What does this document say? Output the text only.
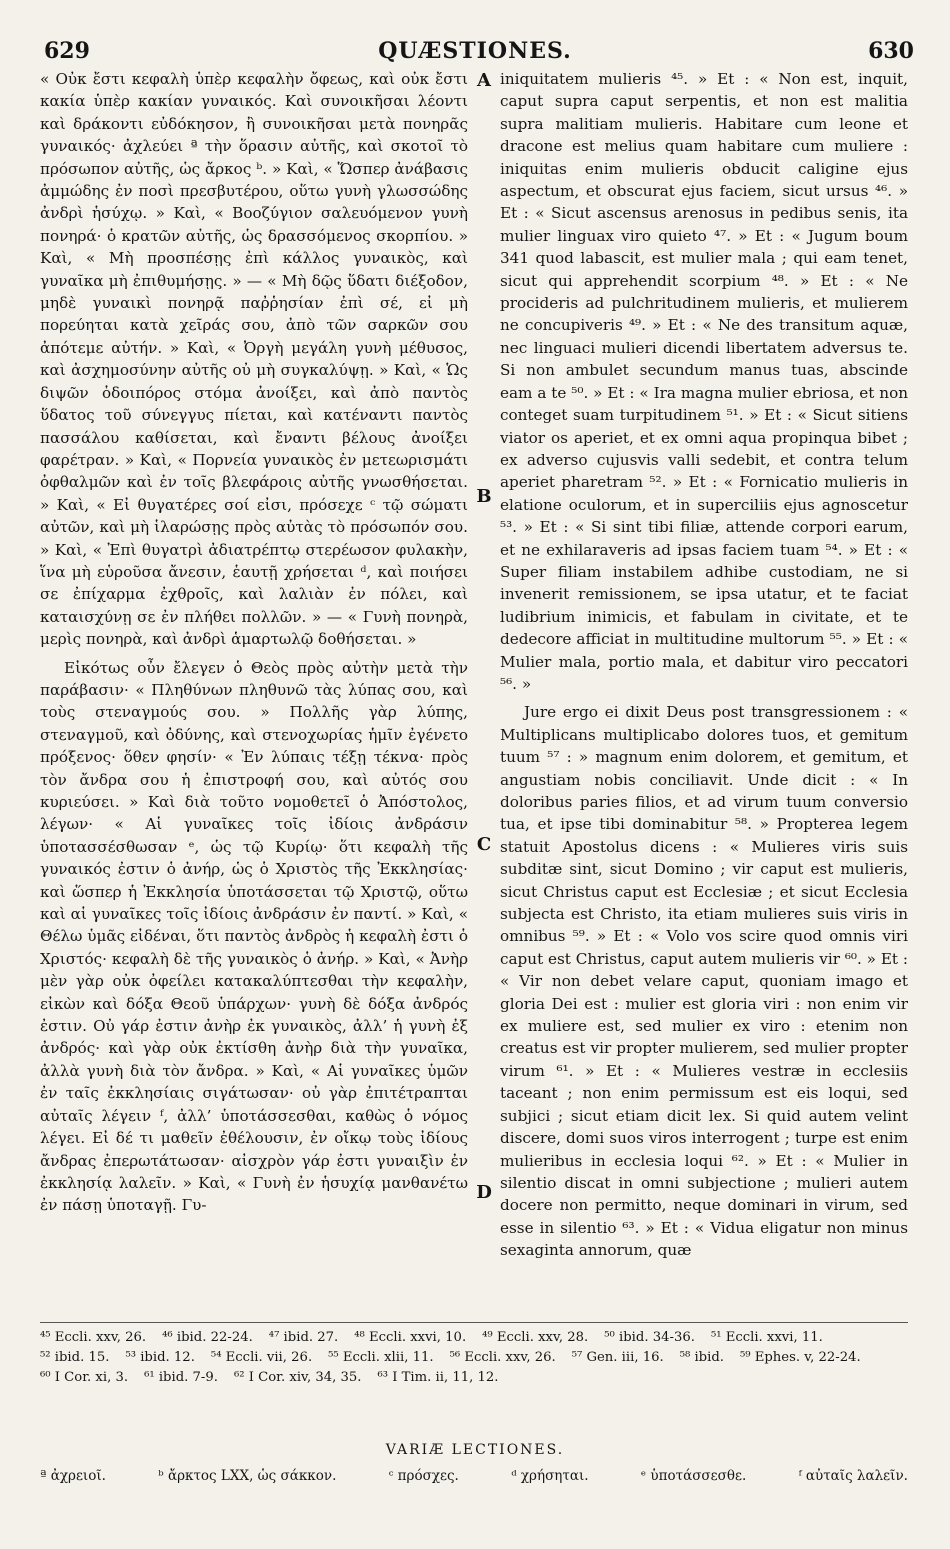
629	QUÆSTIONES.	630

« Οὐκ ἔστι κεφαλὴ ὑπὲρ κεφαλὴν ὄφεως, καὶ οὐκ ἔστι κακία ὑπὲρ κακίαν γυναικός. Καὶ συνοικῆσαι λέοντι καὶ δράκοντι εὐδόκησον, ἢ συνοικῆσαι μετὰ πονηρᾶς γυναικός· ἀχλεύει ª τὴν ὅρασιν αὐτῆς, καὶ σκοτοῖ τὸ πρόσωπον αὐτῆς, ὡς ἄρκος ᵇ. » Καὶ, « Ὥσπερ ἀνάβασις ἀμμώδης ἐν ποσὶ πρεσβυτέρου, οὕτω γυνὴ γλωσσώδης ἀνδρὶ ἡσύχῳ. » Καὶ, « Βοοζύγιον σαλευόμενον γυνὴ πονηρά· ὁ κρατῶν αὐτῆς, ὡς δρασσόμενος σκορπίου. » Καὶ, « Μὴ προσπέσῃς ἐπὶ κάλλος γυναικὸς, καὶ γυναῖκα μὴ ἐπιθυμήσῃς. » — « Μὴ δῷς ὕδατι διέξοδον, μηδὲ γυναικὶ πονηρᾷ παῤῥησίαν ἐπὶ σέ, εἰ μὴ πορεύηται κατὰ χεῖράς σου, ἀπὸ τῶν σαρκῶν σου ἀπότεμε αὐτήν. » Καὶ, « Ὀργὴ μεγάλη γυνὴ μέθυσος, καὶ ἀσχημοσύνην αὐτῆς οὐ μὴ συγκαλύψῃ. » Καὶ, « Ὡς διψῶν ὁδοιπόρος στόμα ἀνοίξει, καὶ ἀπὸ παντὸς ὕδατος τοῦ σύνεγγυς πίεται, καὶ κατέναντι παντὸς πασσάλου καθίσεται, καὶ ἔναντι βέλους ἀνοίξει φαρέτραν. » Καὶ, « Πορνεία γυναικὸς ἐν μετεωρισμάτι ὀφθαλμῶν καὶ ἐν τοῖς βλεφάροις αὐτῆς γνωσθήσεται. » Καὶ, « Εἰ θυγατέρες σοί εἰσι, πρόσεχε ᶜ τῷ σώματι αὐτῶν, καὶ μὴ ἱλαρώσῃς πρὸς αὐτὰς τὸ πρόσωπόν σου. » Καὶ, « Ἐπὶ θυγατρὶ ἀδιατρέπτῳ στερέωσον φυλακὴν, ἵνα μὴ εὑροῦσα ἄνεσιν, ἑαυτῇ χρήσεται ᵈ, καὶ ποιήσει σε ἐπίχαρμα ἐχθροῖς, καὶ λαλιὰν ἐν πόλει, καὶ καταισχύνῃ σε ἐν πλήθει πολλῶν. » — « Γυνὴ πονηρὰ, μερὶς πονηρὰ, καὶ ἀνδρὶ ἁμαρτωλῷ δοθήσεται. »

Εἰκότως οὖν ἔλεγεν ὁ Θεὸς πρὸς αὐτὴν μετὰ τὴν παράβασιν· « Πληθύνων πληθυνῶ τὰς λύπας σου, καὶ τοὺς στεναγμούς σου. » Πολλῆς γὰρ λύπης, στεναγμοῦ, καὶ ὀδύνης, καὶ στενοχωρίας ἡμῖν ἐγένετο πρόξενος· ὅθεν φησίν· « Ἐν λύπαις τέξῃ τέκνα· πρὸς τὸν ἄνδρα σου ἡ ἐπιστροφή σου, καὶ αὐτός σου κυριεύσει. » Καὶ διὰ τοῦτο νομοθετεῖ ὁ Ἀπόστολος, λέγων· « Αἱ γυναῖκες τοῖς ἰδίοις ἀνδράσιν ὑποτασσέσθωσαν ᵉ, ὡς τῷ Κυρίῳ· ὅτι κεφαλὴ τῆς γυναικός ἐστιν ὁ ἀνήρ, ὡς ὁ Χριστὸς τῆς Ἐκκλησίας· καὶ ὥσπερ ἡ Ἐκκλησία ὑποτάσσεται τῷ Χριστῷ, οὕτω καὶ αἱ γυναῖκες τοῖς ἰδίοις ἀνδράσιν ἐν παντί. » Καὶ, « Θέλω ὑμᾶς εἰδέναι, ὅτι παντὸς ἀνδρὸς ἡ κεφαλὴ ἐστι ὁ Χριστός· κεφαλὴ δὲ τῆς γυναικὸς ὁ ἀνήρ. » Καὶ, « Ἀνὴρ μὲν γὰρ οὐκ ὀφείλει κατακαλύπτεσθαι τὴν κεφαλὴν, εἰκὼν καὶ δόξα Θεοῦ ὑπάρχων· γυνὴ δὲ δόξα ἀνδρός ἐστιν. Οὐ γάρ ἐστιν ἀνὴρ ἐκ γυναικὸς, ἀλλ’ ἡ γυνὴ ἐξ ἀνδρός· καὶ γὰρ οὐκ ἐκτίσθη ἀνὴρ διὰ τὴν γυναῖκα, ἀλλὰ γυνὴ διὰ τὸν ἄνδρα. » Καὶ, « Αἱ γυναῖκες ὑμῶν ἐν ταῖς ἐκκλησίαις σιγάτωσαν· οὐ γὰρ ἐπιτέτραπται αὐταῖς λέγειν ᶠ, ἀλλ’ ὑποτάσσεσθαι, καθὼς ὁ νόμος λέγει. Εἰ δέ τι μαθεῖν ἐθέλουσιν, ἐν οἴκῳ τοὺς ἰδίους ἄνδρας ἐπερωτάτωσαν· αἰσχρὸν γάρ ἐστι γυναιξὶν ἐν ἐκκλησίᾳ λαλεῖν. » Καὶ, « Γυνὴ ἐν ἡσυχίᾳ μανθανέτω ἐν πάσῃ ὑποταγῇ. Γυ-

A
B
C
D

iniquitatem mulieris ⁴⁵. » Et : « Non est, inquit, caput supra caput serpentis, et non est malitia supra malitiam mulieris. Habitare cum leone et dracone est melius quam habitare cum muliere : iniquitas enim mulieris obducit caligine ejus aspectum, et obscurat ejus faciem, sicut ursus ⁴⁶. » Et : « Sicut ascensus arenosus in pedibus senis, ita mulier linguax viro quieto ⁴⁷. » Et : « Jugum boum 341 quod labascit, est mulier mala ; qui eam tenet, sicut qui apprehendit scorpium ⁴⁸. » Et : « Ne procideris ad pulchritudinem mulieris, et mulierem ne concupiveris ⁴⁹. » Et : « Ne des transitum aquæ, nec linguaci mulieri dicendi libertatem adversus te. Si non ambulet secundum manus tuas, abscinde eam a te ⁵⁰. » Et : « Ira magna mulier ebriosa, et non conteget suam turpitudinem ⁵¹. » Et : « Sicut sitiens viator os aperiet, et ex omni aqua propinqua bibet ; ex adverso cujusvis valli sedebit, et contra telum aperiet pharetram ⁵². » Et : « Fornicatio mulieris in elatione oculorum, et in superciliis ejus agnoscetur ⁵³. » Et : « Si sint tibi filiæ, attende corpori earum, et ne exhilaraveris ad ipsas faciem tuam ⁵⁴. » Et : « Super filiam instabilem adhibe custodiam, ne si invenerit remissionem, se ipsa utatur, et te faciat ludibrium inimicis, et fabulam in civitate, et te dedecore afficiat in multitudine multorum ⁵⁵. » Et : « Mulier mala, portio mala, et dabitur viro peccatori ⁵⁶. »

Jure ergo ei dixit Deus post transgressionem : « Multiplicans multiplicabo dolores tuos, et gemitum tuum ⁵⁷ : » magnum enim dolorem, et gemitum, et angustiam nobis conciliavit. Unde dicit : « In doloribus paries filios, et ad virum tuum conversio tua, et ipse tibi dominabitur ⁵⁸. » Propterea legem statuit Apostolus dicens : « Mulieres viris suis subditæ sint, sicut Domino ; vir caput est mulieris, sicut Christus caput est Ecclesiæ ; et sicut Ecclesia subjecta est Christo, ita etiam mulieres suis viris in omnibus ⁵⁹. » Et : « Volo vos scire quod omnis viri caput est Christus, caput autem mulieris vir ⁶⁰. » Et : « Vir non debet velare caput, quoniam imago et gloria Dei est : mulier est gloria viri : non enim vir ex muliere est, sed mulier ex viro : etenim non creatus est vir propter mulierem, sed mulier propter virum ⁶¹. » Et : « Mulieres vestræ in ecclesiis taceant ; non enim permissum est eis loqui, sed subjici ; sicut etiam dicit lex. Si quid autem velint discere, domi suos viros interrogent ; turpe est enim mulieribus in ecclesia loqui ⁶². » Et : « Mulier in silentio discat in omni subjectione ; mulieri autem docere non permitto, neque dominari in virum, sed esse in silentio ⁶³. » Et : « Vidua eligatur non minus sexaginta annorum, quæ

⁴⁵ Eccli. xxv, 26. ⁴⁶ ibid. 22-24. ⁴⁷ ibid. 27. ⁴⁸ Eccli. xxvi, 10. ⁴⁹ Eccli. xxv, 28. ⁵⁰ ibid. 34-36. ⁵¹ Eccli. xxvi, 11.
⁵² ibid. 15. ⁵³ ibid. 12. ⁵⁴ Eccli. vii, 26. ⁵⁵ Eccli. xlii, 11. ⁵⁶ Eccli. xxv, 26. ⁵⁷ Gen. iii, 16. ⁵⁸ ibid. ⁵⁹ Ephes. v, 22-24.
⁶⁰ I Cor. xi, 3. ⁶¹ ibid. 7-9. ⁶² I Cor. xiv, 34, 35. ⁶³ I Tim. ii, 11, 12.
VARIÆ LECTIONES.
ª ἀχρειοῖ.	ᵇ ἄρκτος LXX, ὡς σάκκον.	ᶜ πρόσχες.	ᵈ χρήσηται.	ᵉ ὑποτάσσεσθε.	ᶠ αὐταῖς λαλεῖν.
